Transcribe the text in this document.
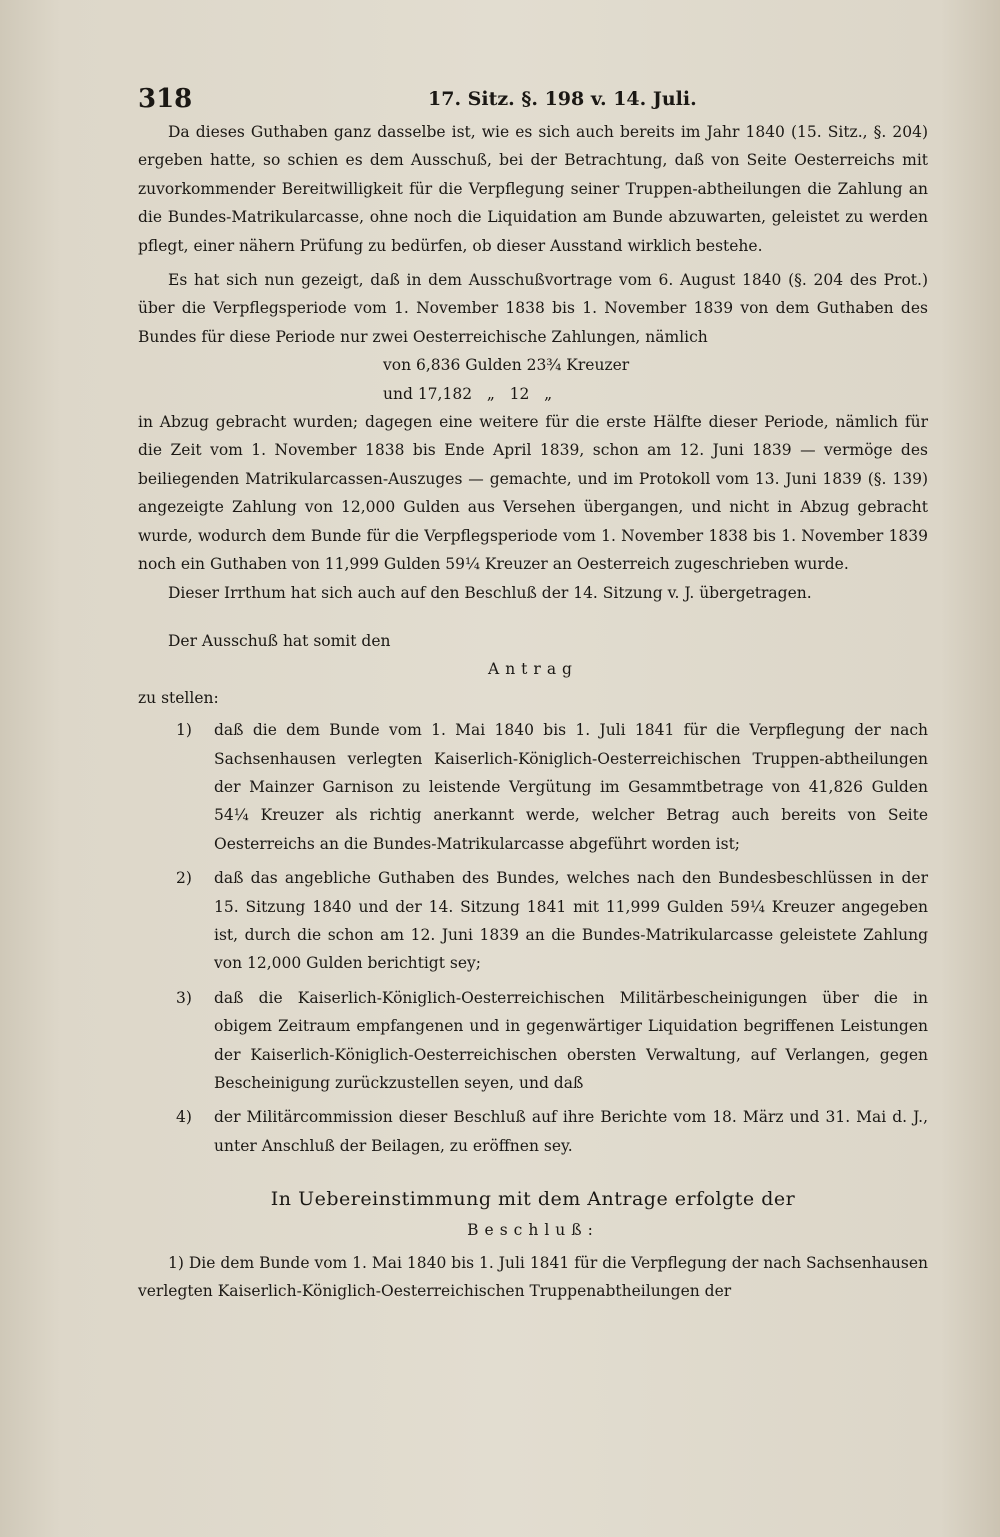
318	17. Sitz. §. 198 v. 14. Juli.

Da dieses Guthaben ganz dasselbe ist, wie es sich auch bereits im Jahr 1840 (15. Sitz., §. 204) ergeben hatte, so schien es dem Ausschuß, bei der Betrachtung, daß von Seite Oesterreichs mit zuvorkommender Bereitwilligkeit für die Verpflegung seiner Truppen-abtheilungen die Zahlung an die Bundes-Matrikularcasse, ohne noch die Liquidation am Bunde abzuwarten, geleistet zu werden pflegt, einer nähern Prüfung zu bedürfen, ob dieser Ausstand wirklich bestehe.

Es hat sich nun gezeigt, daß in dem Ausschußvortrage vom 6. August 1840 (§. 204 des Prot.) über die Verpflegsperiode vom 1. November 1838 bis 1. November 1839 von dem Guthaben des Bundes für diese Periode nur zwei Oesterreichische Zahlungen, nämlich

von 6,836 Gulden 23¾ Kreuzer

und 17,182   „   12   „

in Abzug gebracht wurden; dagegen eine weitere für die erste Hälfte dieser Periode, nämlich für die Zeit vom 1. November 1838 bis Ende April 1839, schon am 12. Juni 1839 — vermöge des beiliegenden Matrikularcassen-Auszuges — gemachte, und im Protokoll vom 13. Juni 1839 (§. 139) angezeigte Zahlung von 12,000 Gulden aus Versehen übergangen, und nicht in Abzug gebracht wurde, wodurch dem Bunde für die Verpflegsperiode vom 1. November 1838 bis 1. November 1839 noch ein Guthaben von 11,999 Gulden 59¼ Kreuzer an Oesterreich zugeschrieben wurde.

Dieser Irrthum hat sich auch auf den Beschluß der 14. Sitzung v. J. übergetragen.

Der Ausschuß hat somit den

Antrag

zu stellen:

1) daß die dem Bunde vom 1. Mai 1840 bis 1. Juli 1841 für die Verpflegung der nach Sachsenhausen verlegten Kaiserlich-Königlich-Oesterreichischen Truppen-abtheilungen der Mainzer Garnison zu leistende Vergütung im Gesammtbetrage von 41,826 Gulden 54¼ Kreuzer als richtig anerkannt werde, welcher Betrag auch bereits von Seite Oesterreichs an die Bundes-Matrikularcasse abgeführt worden ist;

2) daß das angebliche Guthaben des Bundes, welches nach den Bundesbeschlüssen in der 15. Sitzung 1840 und der 14. Sitzung 1841 mit 11,999 Gulden 59¼ Kreuzer angegeben ist, durch die schon am 12. Juni 1839 an die Bundes-Matrikularcasse geleistete Zahlung von 12,000 Gulden berichtigt sey;

3) daß die Kaiserlich-Königlich-Oesterreichischen Militärbescheinigungen über die in obigem Zeitraum empfangenen und in gegenwärtiger Liquidation begriffenen Leistungen der Kaiserlich-Königlich-Oesterreichischen obersten Verwaltung, auf Verlangen, gegen Bescheinigung zurückzustellen seyen, und daß

4) der Militärcommission dieser Beschluß auf ihre Berichte vom 18. März und 31. Mai d. J., unter Anschluß der Beilagen, zu eröffnen sey.

In Uebereinstimmung mit dem Antrage erfolgte der

Beschluß:

1) Die dem Bunde vom 1. Mai 1840 bis 1. Juli 1841 für die Verpflegung der nach Sachsenhausen verlegten Kaiserlich-Königlich-Oesterreichischen Truppenabtheilungen der
